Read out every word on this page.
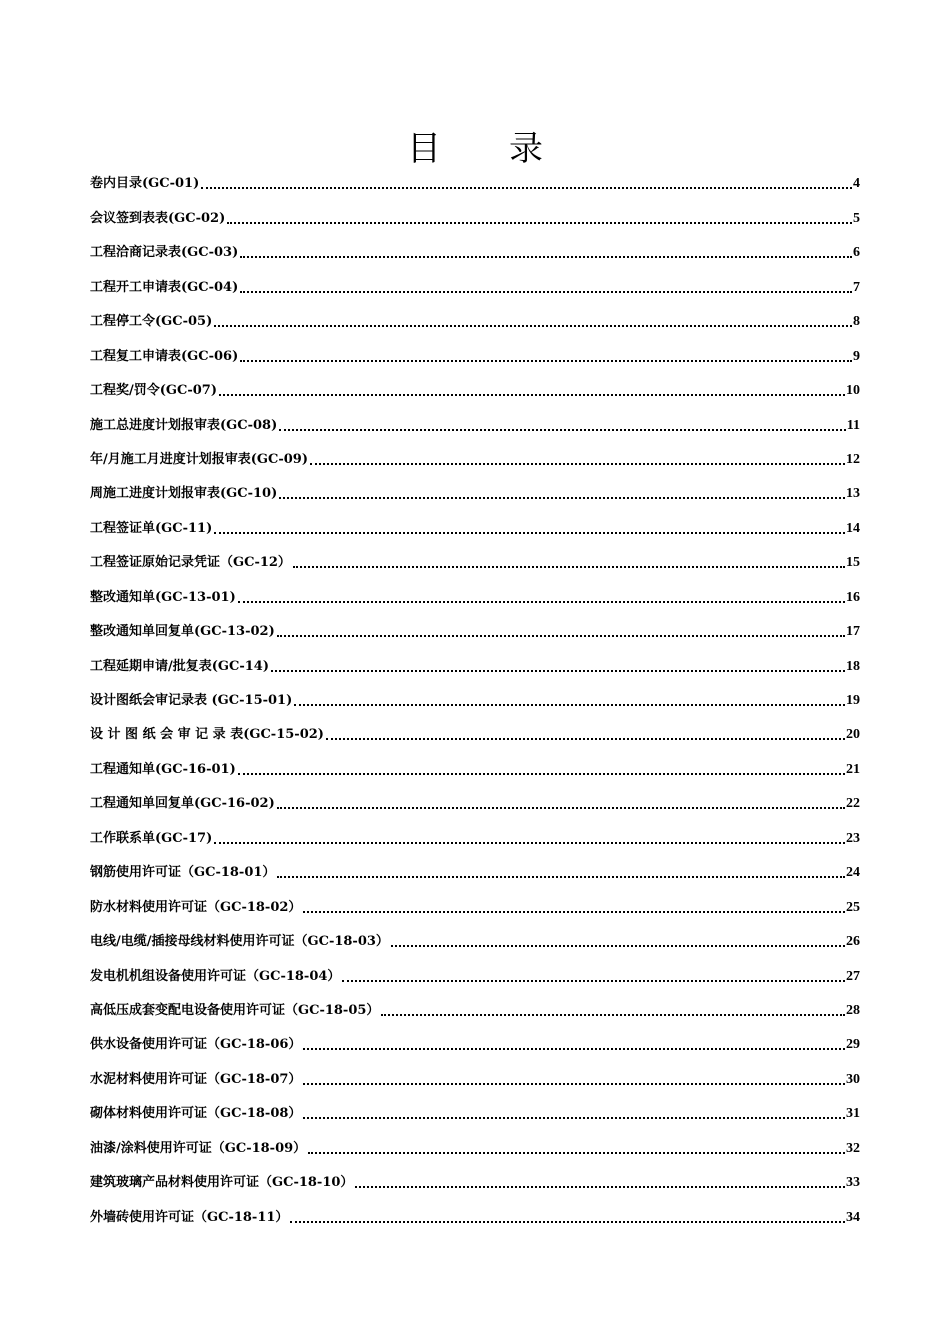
目录
卷内目录(GC-01)	4
会议签到表表(GC-02)	5
工程洽商记录表(GC-03)	6
工程开工申请表(GC-04)	7
工程停工令(GC-05)	8
工程复工申请表(GC-06)	9
工程奖/罚令(GC-07)	10
施工总进度计划报审表(GC-08)	11
年/月施工月进度计划报审表(GC-09)	12
周施工进度计划报审表(GC-10)	13
工程签证单(GC-11)	14
工程签证原始记录凭证（GC-12）	15
整改通知单(GC-13-01)	16
整改通知单回复单(GC-13-02)	17
工程延期申请/批复表(GC-14)	18
设计图纸会审记录表 (GC-15-01)	19
设 计 图 纸 会 审 记 录 表(GC-15-02)	20
工程通知单(GC-16-01)	21
工程通知单回复单(GC-16-02)	22
工作联系单(GC-17)	23
钢筋使用许可证（GC-18-01）	24
防水材料使用许可证（GC-18-02）	25
电线/电缆/插接母线材料使用许可证（GC-18-03）	26
发电机机组设备使用许可证（GC-18-04）	27
高低压成套变配电设备使用许可证（GC-18-05）	28
供水设备使用许可证（GC-18-06）	29
水泥材料使用许可证（GC-18-07）	30
砌体材料使用许可证（GC-18-08）	31
油漆/涂料使用许可证（GC-18-09）	32
建筑玻璃产品材料使用许可证（GC-18-10）	33
外墙砖使用许可证（GC-18-11）	34
